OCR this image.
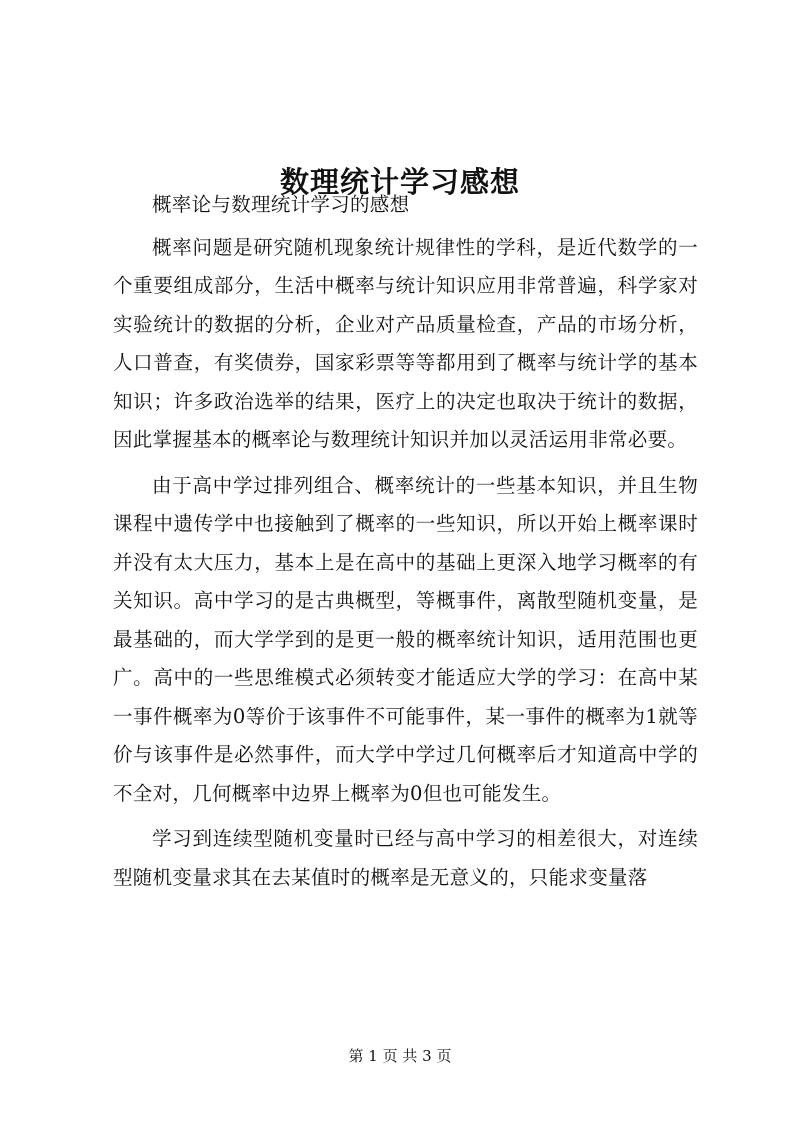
数理统计学习感想

概率论与数理统计学习的感想

概率问题是研究随机现象统计规律性的学科，是近代数学的一个重要组成部分，生活中概率与统计知识应用非常普遍，科学家对实验统计的数据的分析，企业对产品质量检查，产品的市场分析，人口普查，有奖债券，国家彩票等等都用到了概率与统计学的基本知识；许多政治选举的结果，医疗上的决定也取决于统计的数据，因此掌握基本的概率论与数理统计知识并加以灵活运用非常必要。

由于高中学过排列组合、概率统计的一些基本知识，并且生物课程中遗传学中也接触到了概率的一些知识，所以开始上概率课时并没有太大压力，基本上是在高中的基础上更深入地学习概率的有关知识。高中学习的是古典概型，等概事件，离散型随机变量，是最基础的，而大学学到的是更一般的概率统计知识，适用范围也更广。高中的一些思维模式必须转变才能适应大学的学习：在高中某一事件概率为0等价于该事件不可能事件，某一事件的概率为1就等价与该事件是必然事件，而大学中学过几何概率后才知道高中学的不全对，几何概率中边界上概率为0但也可能发生。

学习到连续型随机变量时已经与高中学习的相差很大，对连续型随机变量求其在去某值时的概率是无意义的，只能求变量落

第 1 页 共 3 页
